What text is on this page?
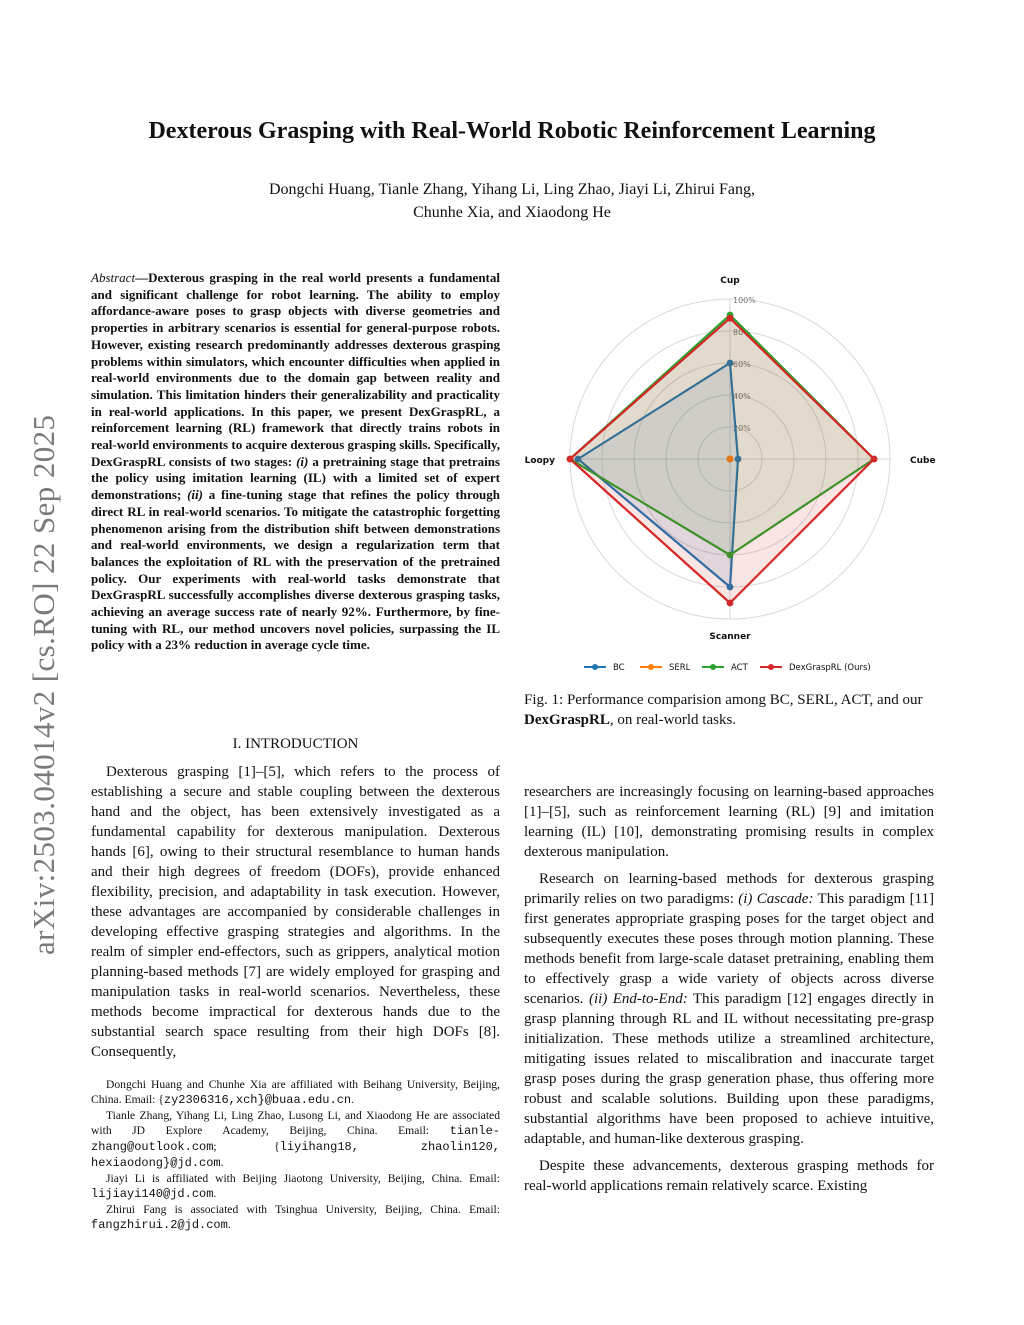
Dexterous Grasping with Real-World Robotic Reinforcement Learning
Dongchi Huang, Tianle Zhang, Yihang Li, Ling Zhao, Jiayi Li, Zhirui Fang,
Chunhe Xia, and Xiaodong He
arXiv:2503.04014v2 [cs.RO] 22 Sep 2025
Abstract—Dexterous grasping in the real world presents a fundamental and significant challenge for robot learning. The ability to employ affordance-aware poses to grasp objects with diverse geometries and properties in arbitrary scenarios is essential for general-purpose robots. However, existing research predominantly addresses dexterous grasping problems within simulators, which encounter difficulties when applied in real-world environments due to the domain gap between reality and simulation. This limitation hinders their generalizability and practicality in real-world applications. In this paper, we present DexGraspRL, a reinforcement learning (RL) framework that directly trains robots in real-world environments to acquire dexterous grasping skills. Specifically, DexGraspRL consists of two stages: (i) a pretraining stage that pretrains the policy using imitation learning (IL) with a limited set of expert demonstrations; (ii) a fine-tuning stage that refines the policy through direct RL in real-world scenarios. To mitigate the catastrophic forgetting phenomenon arising from the distribution shift between demonstrations and real-world environments, we design a regularization term that balances the exploitation of RL with the preservation of the pretrained policy. Our experiments with real-world tasks demonstrate that DexGraspRL successfully accomplishes diverse dexterous grasping tasks, achieving an average success rate of nearly 92%. Furthermore, by fine-tuning with RL, our method uncovers novel policies, surpassing the IL policy with a 23% reduction in average cycle time.
I. INTRODUCTION

Dexterous grasping [1]–[5], which refers to the process of establishing a secure and stable coupling between the dexterous hand and the object, has been extensively investigated as a fundamental capability for dexterous manipulation. Dexterous hands [6], owing to their structural resemblance to human hands and their high degrees of freedom (DOFs), provide enhanced flexibility, precision, and adaptability in task execution. However, these advantages are accompanied by considerable challenges in developing effective grasping strategies and algorithms. In the realm of simpler end-effectors, such as grippers, analytical motion planning-based methods [7] are widely employed for grasping and manipulation tasks in real-world scenarios. Nevertheless, these methods become impractical for dexterous hands due to the substantial search space resulting from their high DOFs [8]. Consequently,

Dongchi Huang and Chunhe Xia are affiliated with Beihang University, Beijing, China. Email: {zy2306316,xch}@buaa.edu.cn.

Tianle Zhang, Yihang Li, Ling Zhao, Lusong Li, and Xiaodong He are associated with JD Explore Academy, Beijing, China. Email: tianle-zhang@outlook.com; {liyihang18, zhaolin120, hexiaodong}@jd.com.

Jiayi Li is affiliated with Beijing Jiaotong University, Beijing, China. Email: lijiayi140@jd.com.

Zhirui Fang is associated with Tsinghua University, Beijing, China. Email: fangzhirui.2@jd.com.

20%
40%
60%
80%
100%
Cup
Cube
Scanner
Loopy
BC	SERL	ACT	DexGraspRL (Ours)
Fig. 1: Performance comparision among BC, SERL, ACT, and our DexGraspRL, on real-world tasks.

researchers are increasingly focusing on learning-based approaches [1]–[5], such as reinforcement learning (RL) [9] and imitation learning (IL) [10], demonstrating promising results in complex dexterous manipulation.

Research on learning-based methods for dexterous grasping primarily relies on two paradigms: (i) Cascade: This paradigm [11] first generates appropriate grasping poses for the target object and subsequently executes these poses through motion planning. These methods benefit from large-scale dataset pretraining, enabling them to effectively grasp a wide variety of objects across diverse scenarios. (ii) End-to-End: This paradigm [12] engages directly in grasp planning through RL and IL without necessitating pre-grasp initialization. These methods utilize a streamlined architecture, mitigating issues related to miscalibration and inaccurate target grasp poses during the grasp generation phase, thus offering more robust and scalable solutions. Building upon these paradigms, substantial algorithms have been proposed to achieve intuitive, adaptable, and human-like dexterous grasping.

Despite these advancements, dexterous grasping methods for real-world applications remain relatively scarce. Existing
